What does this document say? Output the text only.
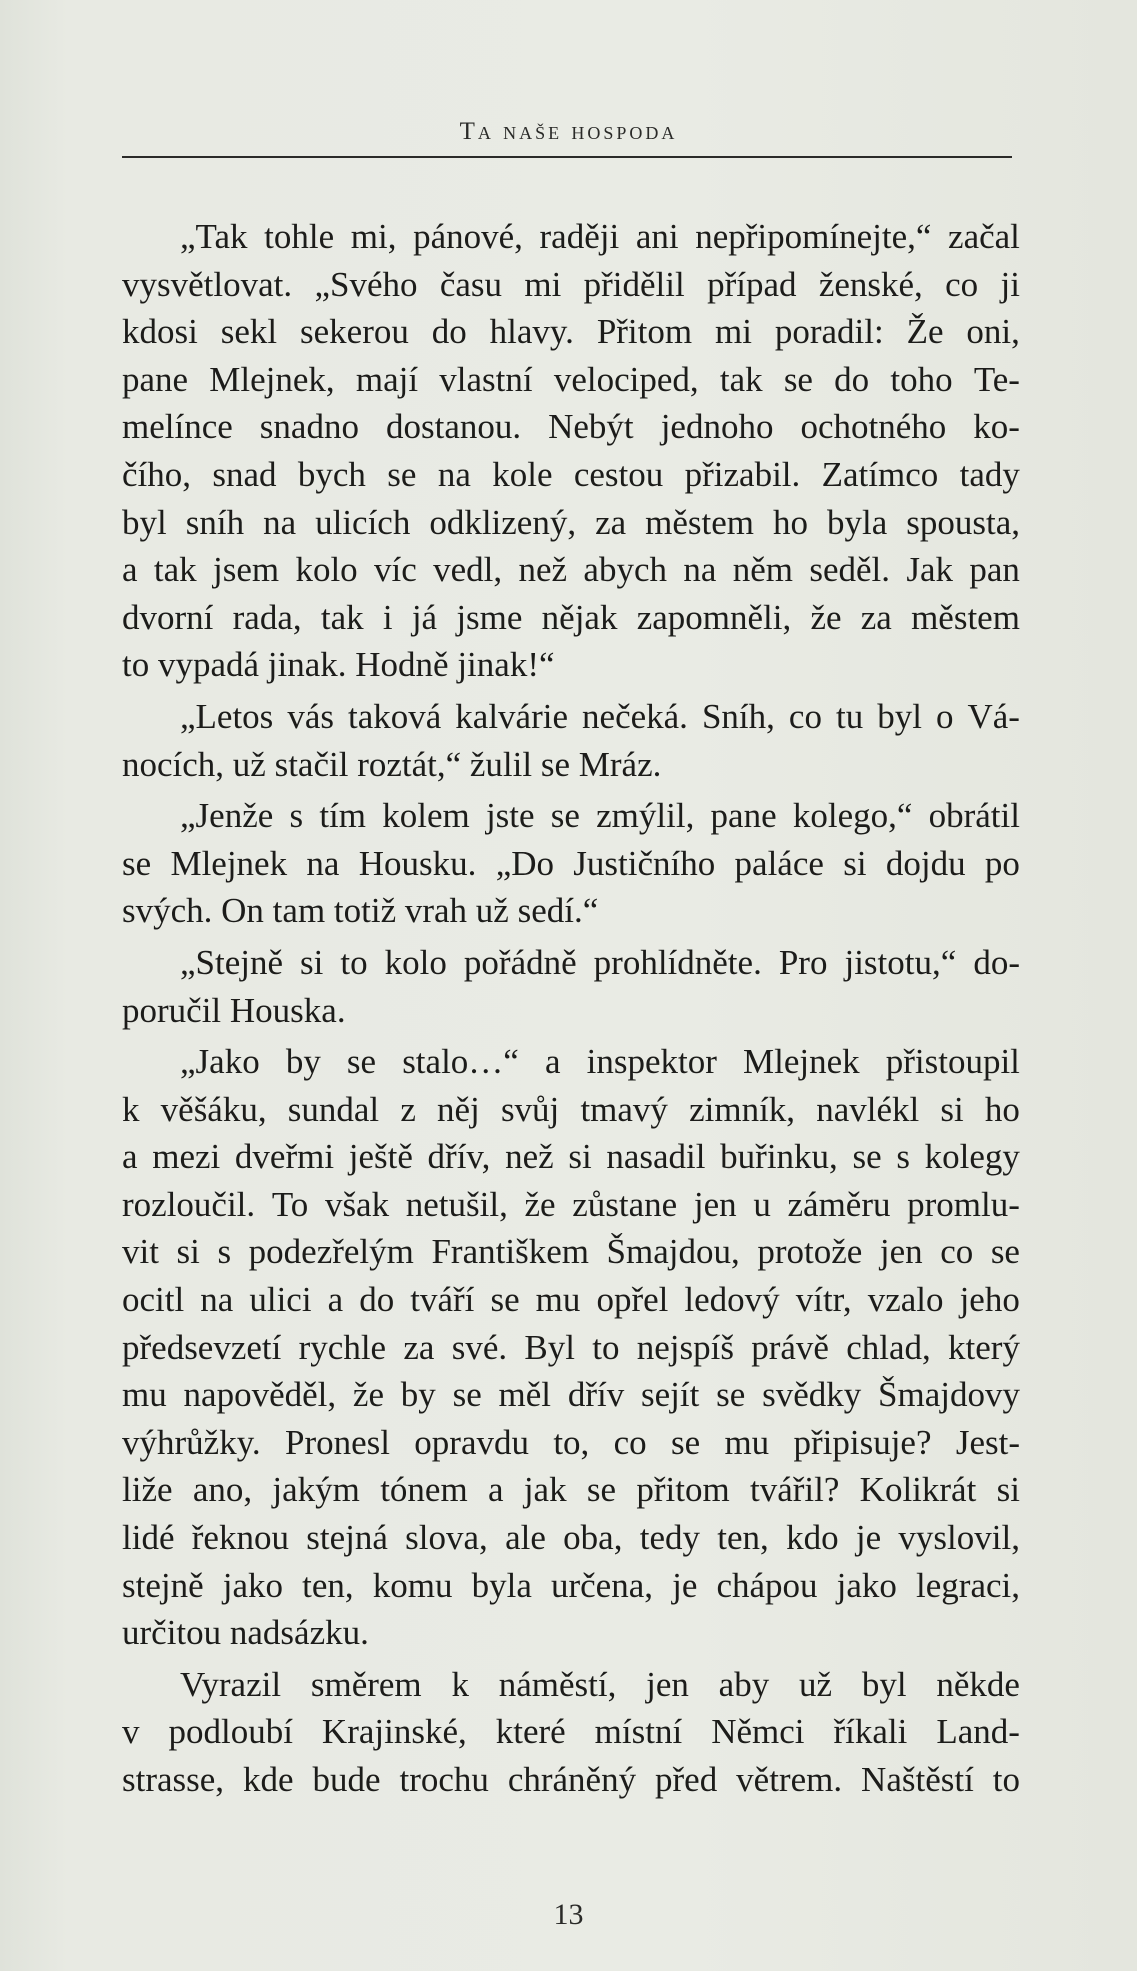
Ta naše hospoda
„Tak tohle mi, pánové, raději ani nepřipomínejte,“ začal
vysvětlovat. „Svého času mi přidělil případ ženské, co ji
kdosi sekl sekerou do hlavy. Přitom mi poradil: Že oni,
pane Mlejnek, mají vlastní velociped, tak se do toho Te-
melínce snadno dostanou. Nebýt jednoho ochotného ko-
čího, snad bych se na kole cestou přizabil. Zatímco tady
byl sníh na ulicích odklizený, za městem ho byla spousta,
a tak jsem kolo víc vedl, než abych na něm seděl. Jak pan
dvorní rada, tak i já jsme nějak zapomněli, že za městem
to vypadá jinak. Hodně jinak!“
„Letos vás taková kalvárie nečeká. Sníh, co tu byl o Vá-
nocích, už stačil roztát,“ žulil se Mráz.
„Jenže s tím kolem jste se zmýlil, pane kolego,“ obrátil
se Mlejnek na Housku. „Do Justičního paláce si dojdu po
svých. On tam totiž vrah už sedí.“
„Stejně si to kolo pořádně prohlídněte. Pro jistotu,“ do-
poručil Houska.
„Jako by se stalo…“ a inspektor Mlejnek přistoupil
k věšáku, sundal z něj svůj tmavý zimník, navlékl si ho
a mezi dveřmi ještě dřív, než si nasadil buřinku, se s kolegy
rozloučil. To však netušil, že zůstane jen u záměru promlu-
vit si s podezřelým Františkem Šmajdou, protože jen co se
ocitl na ulici a do tváří se mu opřel ledový vítr, vzalo jeho
předsevzetí rychle za své. Byl to nejspíš právě chlad, který
mu napověděl, že by se měl dřív sejít se svědky Šmajdovy
výhrůžky. Pronesl opravdu to, co se mu připisuje? Jest-
liže ano, jakým tónem a jak se přitom tvářil? Kolikrát si
lidé řeknou stejná slova, ale oba, tedy ten, kdo je vyslovil,
stejně jako ten, komu byla určena, je chápou jako legraci,
určitou nadsázku.
Vyrazil směrem k náměstí, jen aby už byl někde
v podloubí Krajinské, které místní Němci říkali Land-
strasse, kde bude trochu chráněný před větrem. Naštěstí to
13
